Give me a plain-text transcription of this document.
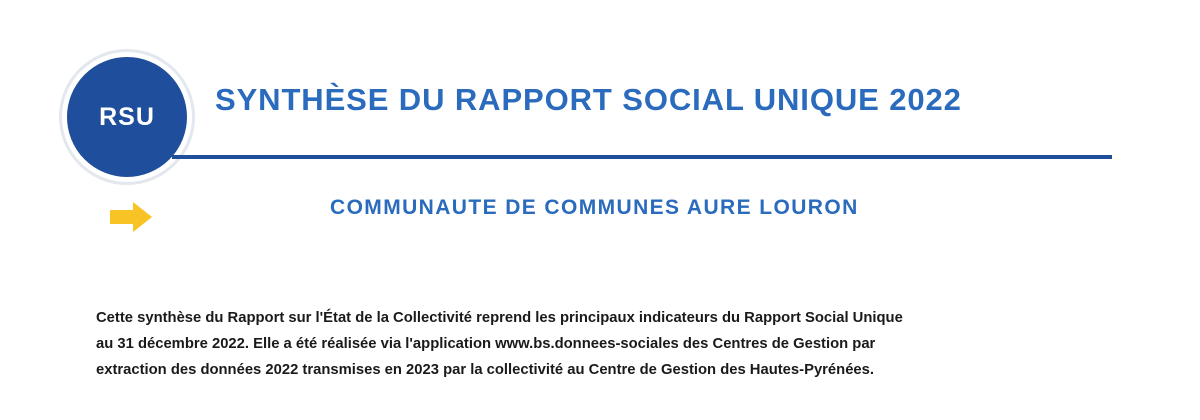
RSU SYNTHÈSE DU RAPPORT SOCIAL UNIQUE 2022
COMMUNAUTE DE COMMUNES AURE LOURON
Cette synthèse du Rapport sur l'État de la Collectivité reprend les principaux indicateurs du Rapport Social Unique
au 31 décembre 2022. Elle a été réalisée via l'application www.bs.donnees-sociales des Centres de Gestion par
extraction des données 2022 transmises en 2023 par la collectivité au Centre de Gestion des Hautes-Pyrénées.
